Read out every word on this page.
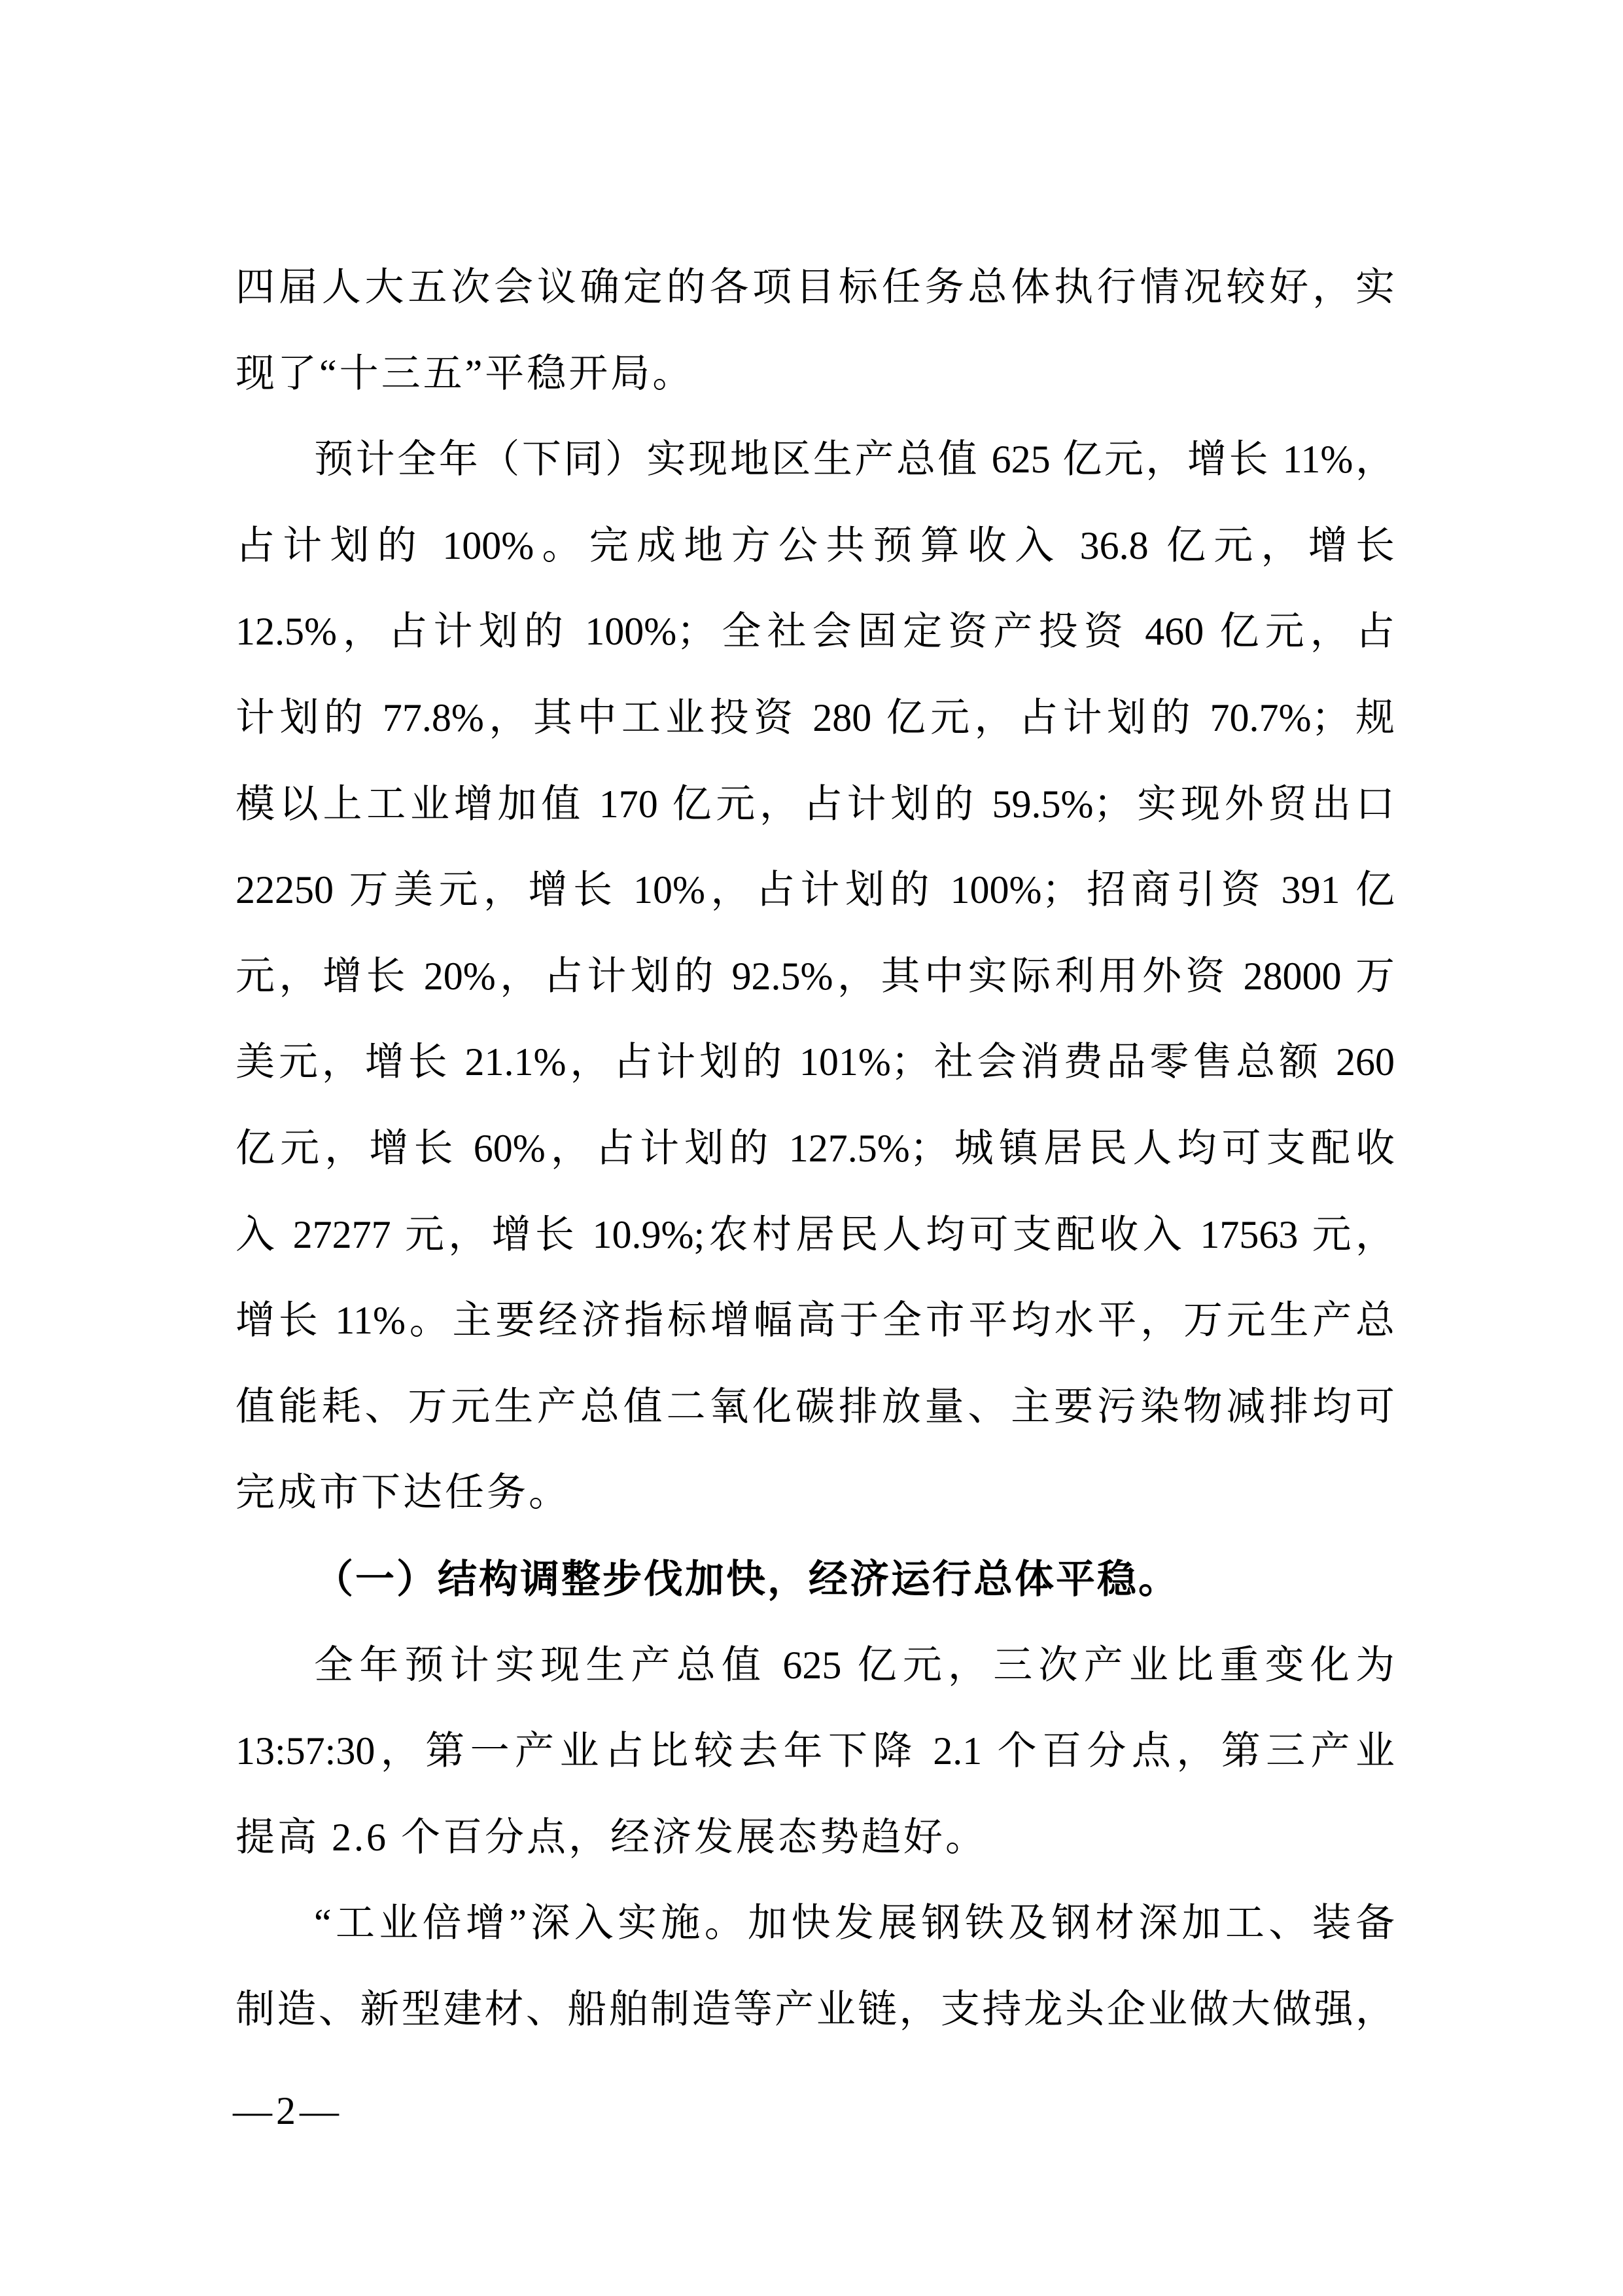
四届人大五次会议确定的各项目标任务总体执行情况较好，实
现了“十三五”平稳开局。
预计全年（下同）实现地区生产总值 625 亿元，增长 11%，
占计划的 100%。完成地方公共预算收入 36.8 亿元，增长
12.5%，占计划的 100%；全社会固定资产投资 460 亿元，占
计划的 77.8%，其中工业投资 280 亿元，占计划的 70.7%；规
模以上工业增加值 170 亿元，占计划的 59.5%；实现外贸出口
22250 万美元，增长 10%，占计划的 100%；招商引资 391 亿
元，增长 20%，占计划的 92.5%，其中实际利用外资 28000 万
美元，增长 21.1%，占计划的 101%；社会消费品零售总额 260
亿元，增长 60%，占计划的 127.5%；城镇居民人均可支配收
入 27277 元，增长 10.9%;农村居民人均可支配收入 17563 元，
增长 11%。主要经济指标增幅高于全市平均水平，万元生产总
值能耗、万元生产总值二氧化碳排放量、主要污染物减排均可
完成市下达任务。
（一）结构调整步伐加快，经济运行总体平稳。
全年预计实现生产总值 625 亿元，三次产业比重变化为
13:57:30，第一产业占比较去年下降 2.1 个百分点，第三产业
提高 2.6 个百分点，经济发展态势趋好。
“工业倍增”深入实施。加快发展钢铁及钢材深加工、装备
制造、新型建材、船舶制造等产业链，支持龙头企业做大做强，
—2—
